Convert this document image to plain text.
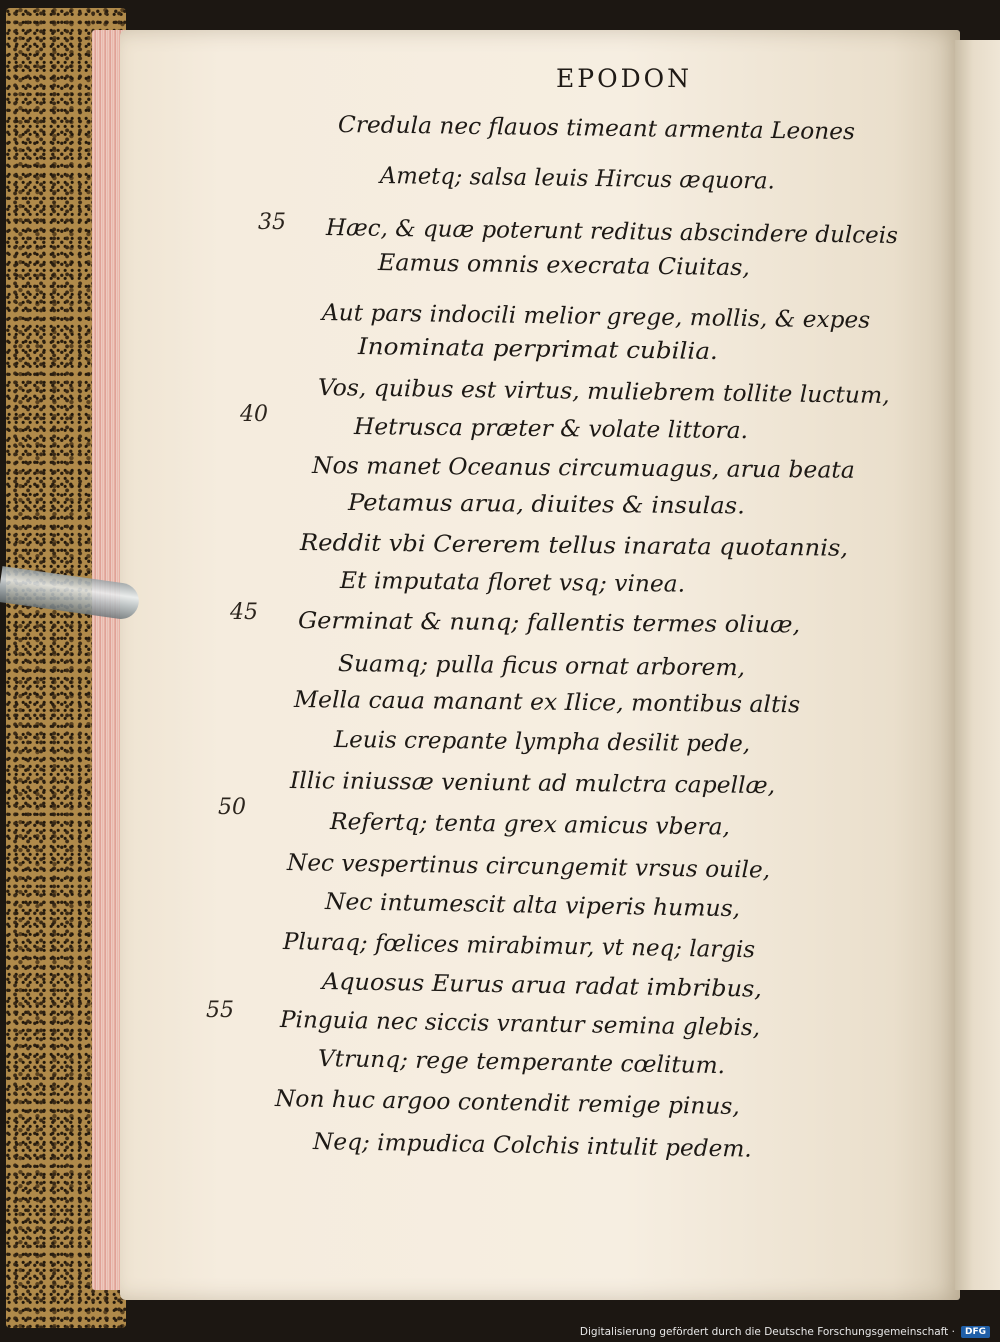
EPODON
Credula nec flauos timeant armenta Leones
Ametq; salsa leuis Hircus æquora.
Hæc, & quæ poterunt reditus abscindere dulceis
35
Eamus omnis execrata Ciuitas,
Aut pars indocili melior grege, mollis, & expes
Inominata perprimat cubilia.
Vos, quibus est virtus, muliebrem tollite luctum,
Hetrusca præter & volate littora.
40
Nos manet Oceanus circumuagus, arua beata
Petamus arua, diuites & insulas.
Reddit vbi Cererem tellus inarata quotannis,
Et imputata floret vsq; vinea.
Germinat & nunq; fallentis termes oliuæ,
45
Suamq; pulla ficus ornat arborem,
Mella caua manant ex Ilice, montibus altis
Leuis crepante lympha desilit pede,
Illic iniussæ veniunt ad mulctra capellæ,
Refertq; tenta grex amicus vbera,
50
Nec vespertinus circungemit vrsus ouile,
Nec intumescit alta viperis humus,
Pluraq; fœlices mirabimur, vt neq; largis
Aquosus Eurus arua radat imbribus,
Pinguia nec siccis vrantur semina glebis,
55
Vtrunq; rege temperante cœlitum.
Non huc argoo contendit remige pinus,
Neq; impudica Colchis intulit pedem.
Digitalisierung gefördert durch die Deutsche Forschungsgemeinschaft ·	DFG
